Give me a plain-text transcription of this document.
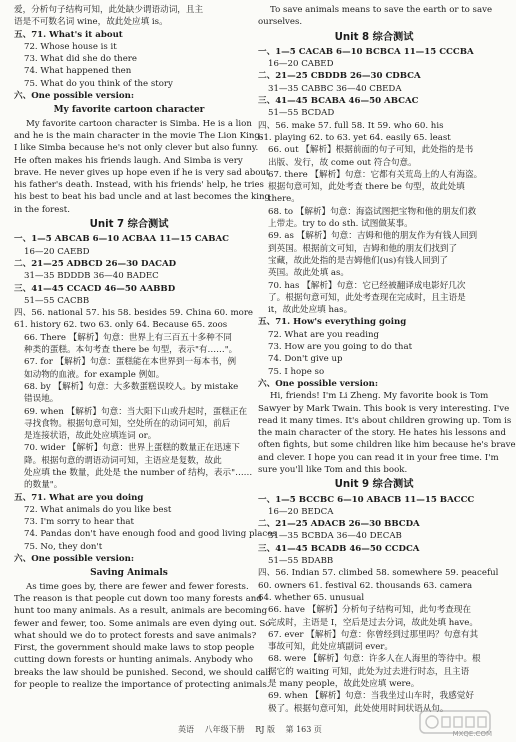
爱，分析句子结构可知，此处缺少谓语动词，且主
语是不可数名词 wine，故此处应填 is。
五、71. What's it about
72. Whose house is it
73. What did she do there
74. What happened then
75. What do you think of the story
六、One possible version:
My favorite cartoon character
My favorite cartoon character is Simba. He is a lion
and he is the main character in the movie The Lion King.
I like Simba because he's not only clever but also funny.
He often makes his friends laugh. And Simba is very
brave. He never gives up hope even if he is very sad about
his father's death. Instead, with his friends' help, he tries
his best to beat his bad uncle and at last becomes the king
in the forest.
Unit 7 综合测试
一、1—5 ABCAB 6—10 ACBAA 11—15 CABAC
16—20 CAEBD
二、21—25 ADBCD 26—30 DACAD
31—35 BDDDB 36—40 BADEC
三、41—45 CCACD 46—50 AABBD
51—55 CACBB
四、56. national 57. his 58. besides 59. China 60. more
61. history 62. two 63. only 64. Because 65. zoos
66. There 【解析】句意：世界上有三百五十多种不同
种类的蛋糕。本句考查 there be 句型，表示"有……"。
67. for 【解析】句意：蛋糕能在本世界到一每本书，例
如动物的血液。for example 例如。
68. by 【解析】句意：大多数蛋糕误咬人。by mistake
错误地。
69. when 【解析】句意：当大阳下山或升起时，蛋糕正在
寻找食物。根据句意可知，空处所在的动词可知，前后
是连接状语，故此处应填连词 or。
70. wider 【解析】句意：世界上蛋糕的数量正在迅速下
降。根据句意的谓语动词可知，主语应是复数，故此
处应填 the 数量，此处是 the number of 结构，表示"……
的数量"。
五、71. What are you doing
72. What animals do you like best
73. I'm sorry to hear that
74. Pandas don't have enough food and good living places
75. No, they don't
六、One possible version:
Saving Animals
As time goes by, there are fewer and fewer forests.
The reason is that people cut down too many forests and
hunt too many animals. As a result, animals are becoming
fewer and fewer, too. Some animals are even dying out. So
what should we do to protect forests and save animals?
First, the government should make laws to stop people
cutting down forests or hunting animals. Anybody who
breaks the law should be punished. Second, we should call
for people to realize the importance of protecting animals.
To save animals means to save the earth or to save
ourselves.
Unit 8 综合测试
一、1—5 CACAB 6—10 BCBCA 11—15 CCCBA
16—20 CABED
二、21—25 CBDDB 26—30 CDBCA
31—35 CABBC 36—40 CBEDA
三、41—45 BCABA 46—50 ABCAC
51—55 BCDAD
四、56. make 57. full 58. It 59. who 60. his
61. playing 62. to 63. yet 64. easily 65. least
66. out 【解析】根据前面的句子可知，此处指的是书
出版、发行，故 come out 符合句意。
67. there 【解析】句意：它都有关荒岛上的人有海盗。
根据句意可知，此处考查 there be 句型，故此处填
there。
68. to 【解析】句意：海盗试图把宝物和他的朋友们救
上带走。try to do sth. 试图做某事。
69. as 【解析】句意：吉姆和他的朋友作为有钱人回到
到英国。根据前文可知，吉姆和他的朋友们找到了
宝藏，故此处指的是吉姆他们(us)有钱人回到了
英国。故此处填 as。
70. has 【解析】句意：它已经被翻译成电影好几次
了。根据句意可知，此处考查现在完成时，且主语是
it，故此处应填 has。
五、71. How's everything going
72. What are you reading
73. How are you going to do that
74. Don't give up
75. I hope so
六、One possible version:
Hi, friends! I'm Li Zheng. My favorite book is Tom
Sawyer by Mark Twain. This book is very interesting. I've
read it many times. It's about children growing up. Tom is
the main character of the story. He hates his lessons and
often fights, but some children like him because he's brave
and clever. I hope you can read it in your free time. I'm
sure you'll like Tom and this book.
Unit 9 综合测试
一、1—5 BCCBC 6—10 ABACB 11—15 BACCC
16—20 BEDCA
二、21—25 ADACB 26—30 BBCDA
31—35 BCBDA 36—40 DECAB
三、41—45 BCADB 46—50 CCDCA
51—55 BDABB
四、56. Indian 57. climbed 58. somewhere 59. peaceful
60. owners 61. festival 62. thousands 63. camera
64. whether 65. unusual
66. have 【解析】分析句子结构可知，此句考查现在
完成时，主语是 I，空后是过去分词，故此处填 have。
67. ever 【解析】句意：你曾经到过那里吗？句意有其
事故可知，此处应填副词 ever。
68. were 【解析】句意：许多人在人海里的等待中。根
据它的 waiting 可知，此处为过去进行时态，且主语
是 many people，故此处应填 were。
69. when 【解析】句意：当我坐过山车时，我感觉好
极了。根据句意可知，此处使用时间状语从句。
英语 八年级下册 RJ 版 第 163 页	MXQE.COM
